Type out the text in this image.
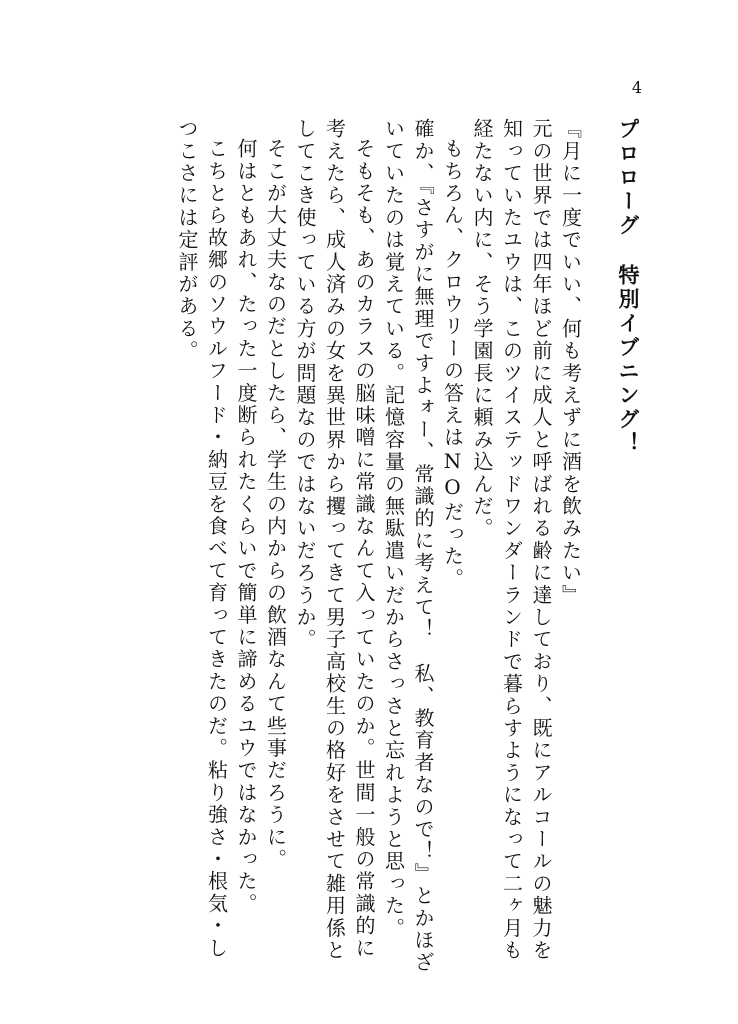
4
プロローグ特別イブニング！

『月に一度でいい、何も考えずに酒を飲みたい』

元の世界では四年ほど前に成人と呼ばれる齢に達しており、既にアルコールの魅力を知っていたユウは、このツイステッドワンダーランドで暮らすようになって二ヶ月も経たない内に、そう学園長に頼み込んだ。

もちろん、クロウリーの答えはNOだった。

確か、『さすがに無理ですよォー、常識的に考えて！　私、教育者なので！』とかほざいていたのは覚えている。記憶容量の無駄遣いだからさっさと忘れようと思った。

そもそも、あのカラスの脳味噌に常識なんて入っていたのか。世間一般の常識的に考えたら、成人済みの女を異世界から攫ってきて男子高校生の格好をさせて雑用係としてこき使っている方が問題なのではないだろうか。

そこが大丈夫なのだとしたら、学生の内からの飲酒なんて些事だろうに。

何はともあれ、たった一度断られたくらいで簡単に諦めるユウではなかった。

こちとら故郷のソウルフード・納豆を食べて育ってきたのだ。粘り強さ・根気・しつこさには定評がある。
